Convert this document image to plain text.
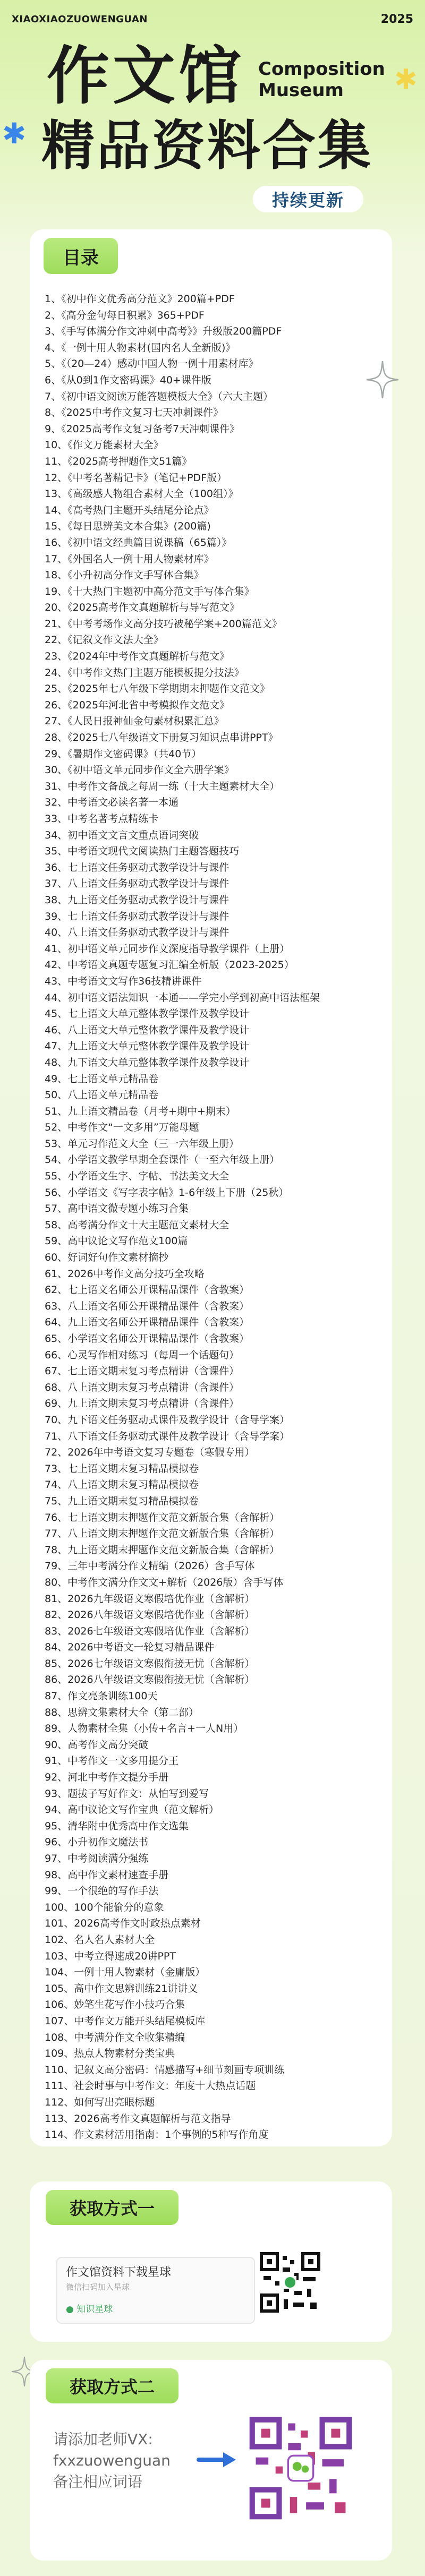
XIAOXIAOZUOWENGUAN	2025
作文馆 Composition
Museum
精品资料合集
持续更新
✱
✱
目录
1、《初中作文优秀高分范文》200篇+PDF
2、《高分金句每日积累》365+PDF
3、《手写体满分作文冲刺中高考》》升级版200篇PDF
4、《一例十用人物素材(国内名人全新版)》
5、《（20—24）感动中国人物一例十用素材库》
6、《从0到1作文密码课》40+课件版
7、《初中语文阅读万能答题模板大全》（六大主题）
8、《2025中考作文复习七天冲刺课件》
9、《2025高考作文复习备考7天冲刺课件》
10、《作文万能素材大全》
11、《2025高考押题作文51篇》
12、《中考名著精记卡》（笔记+PDF版）
13、《高级感人物组合素材大全（100组）》
14、《高考热门主题开头结尾分论点》
15、《每日思辨美文本合集》(200篇)
16、《初中语文经典篇目说课稿（65篇）》
17、《外国名人一例十用人物素材库》
18、《小升初高分作文手写体合集》
19、《十大热门主题初中高分范文手写体合集》
20、《2025高考作文真题解析与导写范文》
21、《中考考场作文高分技巧被秘学案+200篇范文》
22、《记叙文作文法大全》
23、《2024年中考作文真题解析与范文》
24、《中考作文热门主题万能模板提分技法》
25、《2025年七八年级下学期期末押题作文范文》
26、《2025年河北省中考模拟作文范文》
27、《人民日报神仙金句素材积累汇总》
28、《2025七八年级语文下册复习知识点串讲PPT》
29、《暑期作文密码课》（共40节）
30、《初中语文单元同步作文全六册学案》
31、中考作文备战之每周一练（十大主题素材大全）
32、中考语文必读名著一本通
33、中考名著考点精练卡
34、初中语文文言文重点语词突破
35、中考语文现代文阅读热门主题答题技巧
36、七上语文任务驱动式教学设计与课件
37、八上语文任务驱动式教学设计与课件
38、九上语文任务驱动式教学设计与课件
39、七上语文任务驱动式教学设计与课件
40、八上语文任务驱动式教学设计与课件
41、初中语文单元同步作文深度指导教学课件（上册）
42、中考语文真题专题复习汇编全析版（2023-2025）
43、中考语文文写作36技精讲课件
44、初中语文语法知识一本通——学完小学到初高中语法框架
45、七上语文大单元整体教学课件及教学设计
46、八上语文大单元整体教学课件及教学设计
47、九上语文大单元整体教学课件及教学设计
48、九下语文大单元整体教学课件及教学设计
49、七上语文单元精品卷
50、八上语文单元精品卷
51、九上语文精品卷（月考+期中+期末）
52、中考作文“一文多用”万能母题
53、单元习作范文大全（三一六年级上册）
54、小学语文教学早期全套课件（一至六年级上册）
55、小学语文生字、字帖、书法美文大全
56、小学语文《写字表字帖》1-6年级上下册（25秋）
57、高中语文微专题小练习合集
58、高考满分作文十大主题范文素材大全
59、高中议论文写作范文100篇
60、好词好句作文素材摘抄
61、2026中考作文高分技巧全攻略
62、七上语文名师公开课精品课件（含教案）
63、八上语文名师公开课精品课件（含教案）
64、九上语文名师公开课精品课件（含教案）
65、小学语文名师公开课精品课件（含教案）
66、心灵写作相对练习（每周一个话题句）
67、七上语文期末复习考点精讲（含课件）
68、八上语文期末复习考点精讲（含课件）
69、九上语文期末复习考点精讲（含课件）
70、九下语文任务驱动式课件及教学设计（含导学案）
71、八下语文任务驱动式课件及教学设计（含导学案）
72、2026年中考语文复习专题卷（寒假专用）
73、七上语文期末复习精品模拟卷
74、八上语文期末复习精品模拟卷
75、九上语文期末复习精品模拟卷
76、七上语文期末押题作文范文新版合集（含解析）
77、八上语文期末押题作文范文新版合集（含解析）
78、九上语文期末押题作文范文新版合集（含解析）
79、三年中考满分作文精编（2026）含手写体
80、中考作文满分作文文+解析（2026版）含手写体
81、2026九年级语文寒假培优作业（含解析）
82、2026八年级语文寒假培优作业（含解析）
83、2026七年级语文寒假培优作业（含解析）
84、2026中考语文一轮复习精品课件
85、2026七年级语文寒假衔接无忧（含解析）
86、2026八年级语文寒假衔接无忧（含解析）
87、作文亮条训练100天
88、思辨文集素材大全（第二部）
89、人物素材全集（小传+名言+一人N用）
90、高考作文高分突破
91、中考作文一文多用提分王
92、河北中考作文提分手册
93、题拔子写好作文：从怕写到爱写
94、高中议论文写作宝典（范文解析）
95、清华附中优秀高中作文选集
96、小升初作文魔法书
97、中考阅读满分强练
98、高中作文素材速查手册
99、一个很绝的写作手法
100、100个能偷分的意象
101、2026高考作文时政热点素材
102、名人名人素材大全
103、中考立得速成20讲PPT
104、一例十用人物素材（金庸版）
105、高中作文思辨训练21讲讲义
106、妙笔生花写作小技巧合集
107、中考作文万能开头结尾模板库
108、中考满分作文全收集精编
109、热点人物素材分类宝典
110、记叙文高分密码：情感描写+细节刻画专项训练
111、社会时事与中考作文：年度十大热点话题
112、如何写出亮眼标题
113、2026高考作文真题解析与范文指导
114、作文素材活用指南：1个事例的5种写作角度
获取方式一
作文馆资料下载星球
微信扫码加入星球
● 知识星球
获取方式二
请添加老师VX:
fxxzuowenguan
备注相应词语
